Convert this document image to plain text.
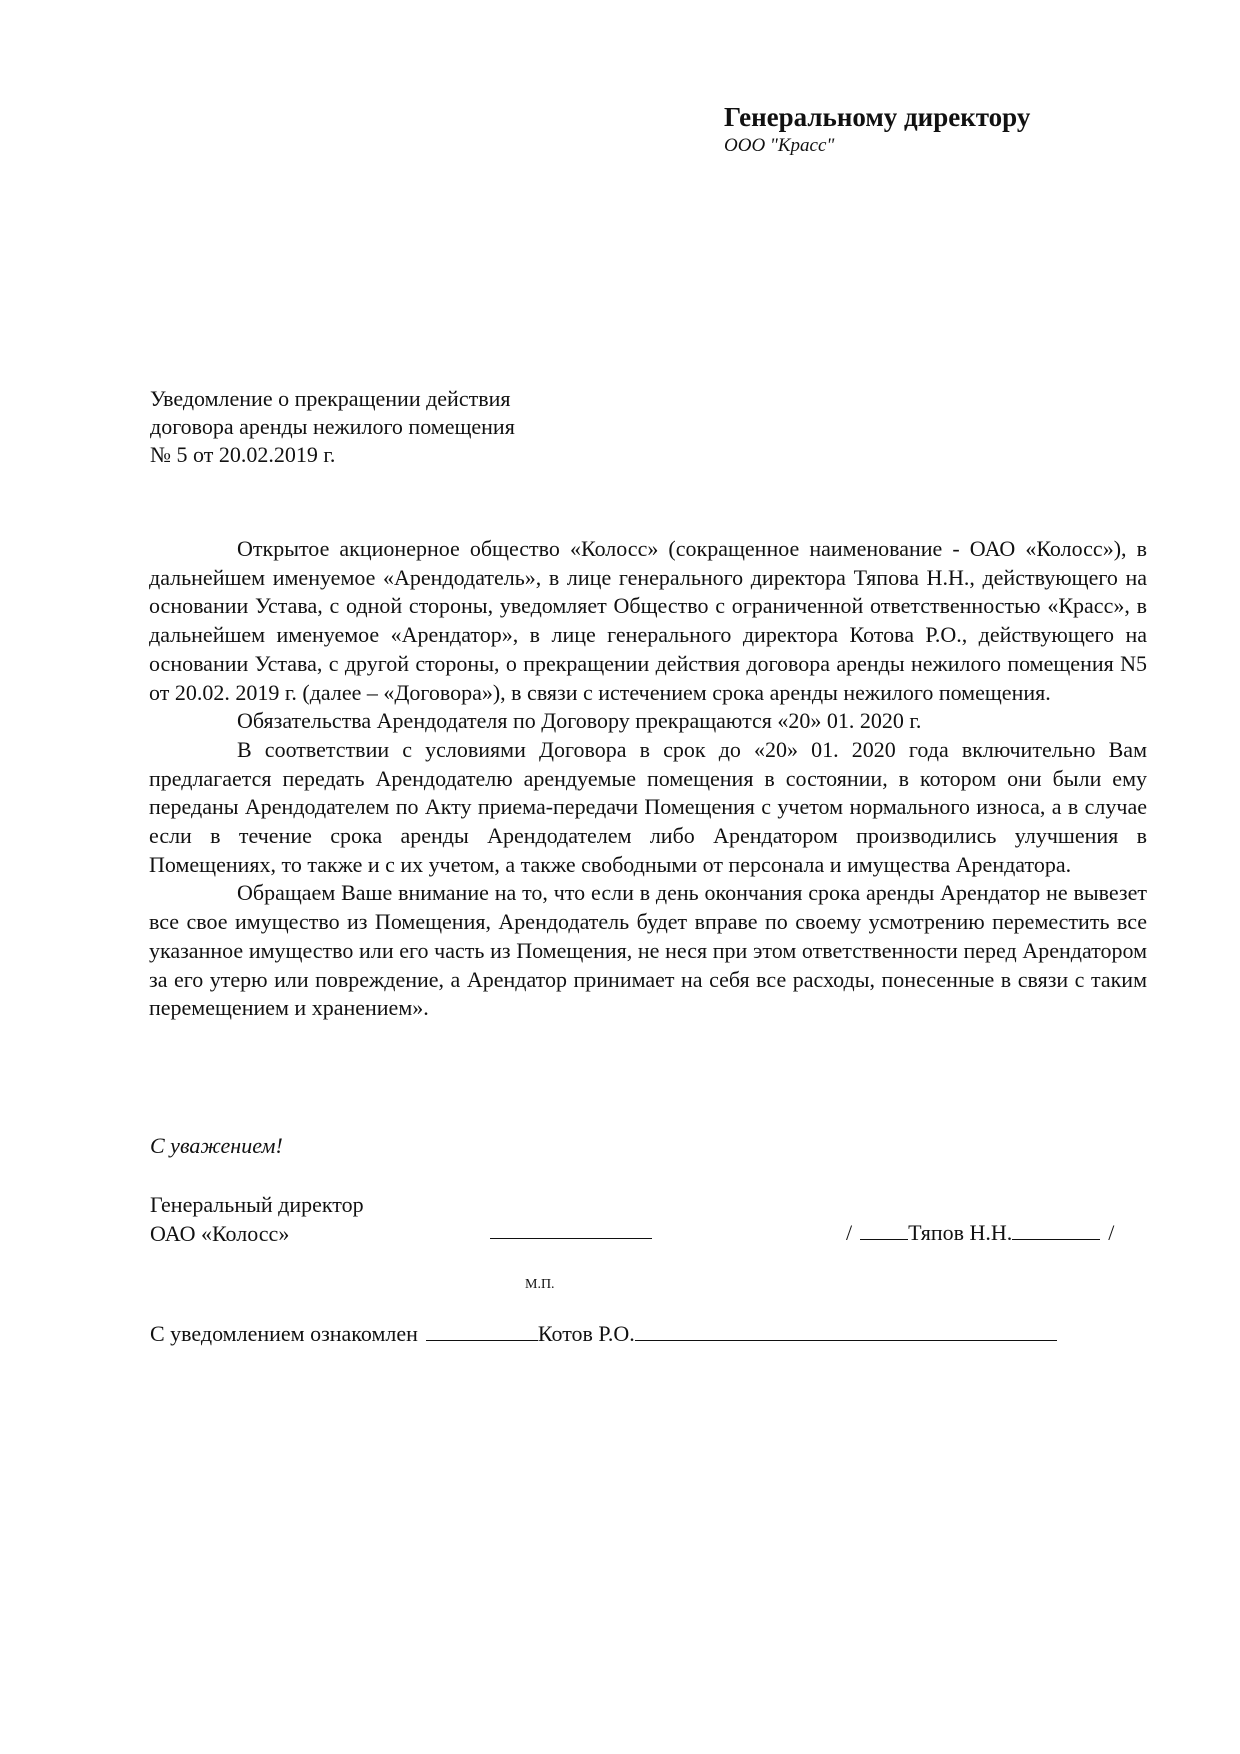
Генеральному директору
ООО "Красс"
Уведомление о прекращении действия
договора аренды нежилого помещения
№ 5 от 20.02.2019 г.

Открытое акционерное общество «Колосс» (сокращенное наименование - ОАО «Колосс»), в дальнейшем именуемое «Арендодатель», в лице генерального директора Тяпова Н.Н., действующего на основании Устава, с одной стороны, уведомляет Общество с ограниченной ответственностью «Красс», в дальнейшем именуемое «Арендатор», в лице генерального директора Котова Р.О., действующего на основании Устава, с другой стороны, о прекращении действия договора аренды нежилого помещения N5 от 20.02. 2019 г. (далее – «Договора»), в связи с истечением срока аренды нежилого помещения.

Обязательства Арендодателя по Договору прекращаются «20» 01. 2020 г.

В соответствии с условиями Договора в срок до «20» 01. 2020 года включительно Вам предлагается передать Арендодателю арендуемые помещения в состоянии, в котором они были ему переданы Арендодателем по Акту приема-передачи Помещения с учетом нормального износа, а в случае если в течение срока аренды Арендодателем либо Арендатором производились улучшения в Помещениях, то также и с их учетом, а также свободными от персонала и имущества Арендатора.

Обращаем Ваше внимание на то, что если в день окончания срока аренды Арендатор не вывезет все свое имущество из Помещения, Арендодатель будет вправе по своему усмотрению переместить все указанное имущество или его часть из Помещения, не неся при этом ответственности перед Арендатором за его утерю или повреждение, а Арендатор принимает на себя все расходы, понесенные в связи с таким перемещением и хранением».

С уважением!
Генеральный директор
ОАО «Колосс»	/	Тяпов Н.Н.	/
М.П.
С уведомлением ознакомлен	Котов Р.О.
